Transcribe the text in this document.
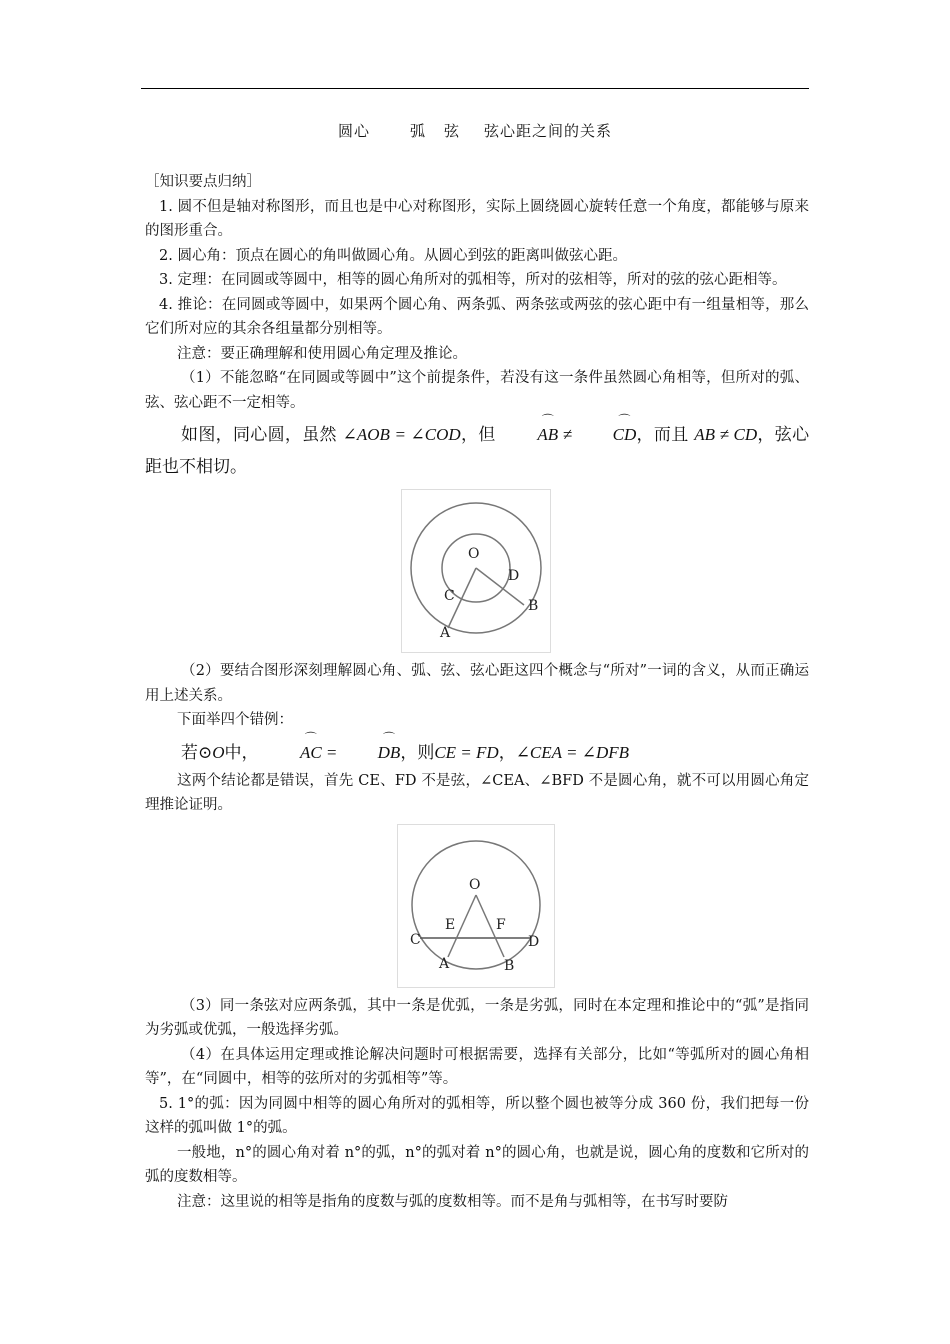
圆心	弧 弦 弦心距之间的关系

［知识要点归纳］

1. 圆不但是轴对称图形，而且也是中心对称图形，实际上圆绕圆心旋转任意一个角度，都能够与原来的图形重合。

2. 圆心角：顶点在圆心的角叫做圆心角。从圆心到弦的距离叫做弦心距。

3. 定理：在同圆或等圆中，相等的圆心角所对的弧相等，所对的弦相等，所对的弦的弦心距相等。

4. 推论：在同圆或等圆中，如果两个圆心角、两条弧、两条弦或两弦的弦心距中有一组量相等，那么它们所对应的其余各组量都分别相等。

注意：要正确理解和使用圆心角定理及推论。

（1）不能忽略“在同圆或等圆中”这个前提条件，若没有这一条件虽然圆心角相等，但所对的弧、弦、弦心距不一定相等。

如图，同心圆，虽然 ∠AOB = ∠COD，但 ⌒ AB ≠ ⌒ CD，而且 AB ≠ CD，弦心距也不相切。

O
D
C
B
A

（2）要结合图形深刻理解圆心角、弧、弦、弦心距这四个概念与“所对”一词的含义，从而正确运用上述关系。

下面举四个错例：

若⊙O中， ⌒ AC = ⌒ DB，则CE = FD，∠CEA = ∠DFB

这两个结论都是错误，首先 CE、FD 不是弦，∠CEA、∠BFD 不是圆心角，就不可以用圆心角定理推论证明。

O
E	F
C	D
A	B

（3）同一条弦对应两条弧，其中一条是优弧，一条是劣弧，同时在本定理和推论中的“弧”是指同为劣弧或优弧，一般选择劣弧。

（4）在具体运用定理或推论解决问题时可根据需要，选择有关部分，比如“等弧所对的圆心角相等”，在“同圆中，相等的弦所对的劣弧相等”等。

5. 1°的弧：因为同圆中相等的圆心角所对的弧相等，所以整个圆也被等分成 360 份，我们把每一份这样的弧叫做 1°的弧。

一般地，n°的圆心角对着 n°的弧，n°的弧对着 n°的圆心角，也就是说，圆心角的度数和它所对的弧的度数相等。

注意：这里说的相等是指角的度数与弧的度数相等。而不是角与弧相等，在书写时要防
